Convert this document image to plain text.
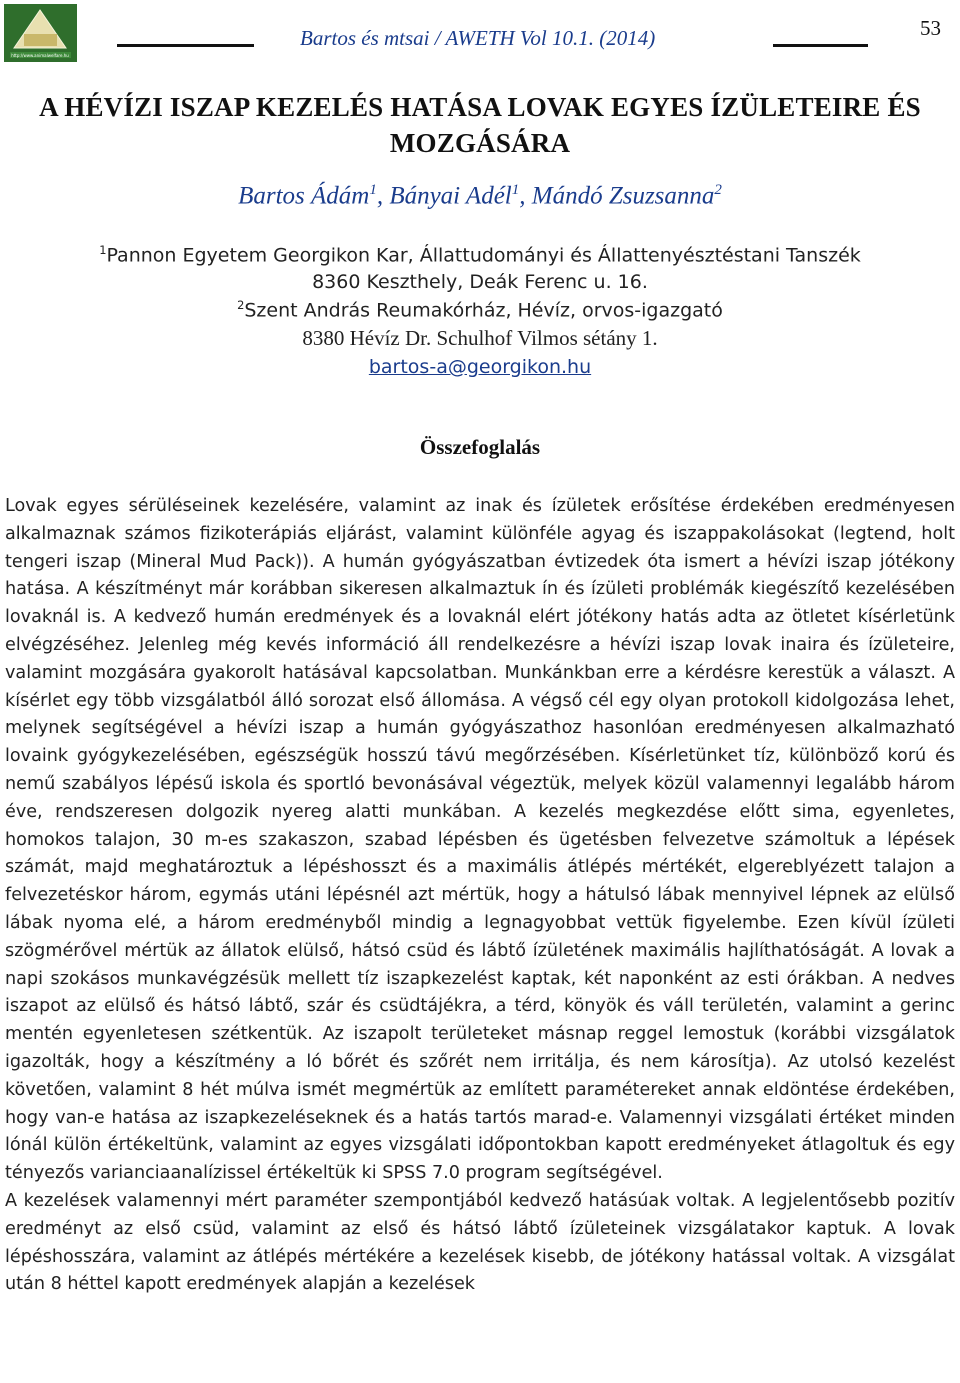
http://www.animalwelfare.hu
Bartos és mtsai / AWETH Vol 10.1. (2014)	53
A HÉVÍZI ISZAP KEZELÉS HATÁSA LOVAK EGYES ÍZÜLETEIRE ÉS MOZGÁSÁRA
Bartos Ádám$^1$, Bányai Adél$^1$, Mándó Zsuzsanna$^2$
$^1$Pannon Egyetem Georgikon Kar, Állattudományi és Állattenyésztéstani Tanszék
8360 Keszthely, Deák Ferenc u. 16.
$^2$Szent András Reumakórház, Hévíz, orvos-igazgató
8380 Hévíz Dr. Schulhof Vilmos sétány 1.
bartos-a@georgikon.hu
Összefoglalás

Lovak egyes sérüléseinek kezelésére, valamint az inak és ízületek erősítése érdekében eredményesen alkalmaznak számos fizikoterápiás eljárást, valamint különféle agyag és iszappakolásokat (legtend, holt tengeri iszap (Mineral Mud Pack)). A humán gyógyászatban évtizedek óta ismert a hévízi iszap jótékony hatása. A készítményt már korábban sikeresen alkalmaztuk ín és ízületi problémák kiegészítő kezelésében lovaknál is. A kedvező humán eredmények és a lovaknál elért jótékony hatás adta az ötletet kísérletünk elvégzéséhez. Jelenleg még kevés információ áll rendelkezésre a hévízi iszap lovak inaira és ízületeire, valamint mozgására gyakorolt hatásával kapcsolatban. Munkánkban erre a kérdésre kerestük a választ. A kísérlet egy több vizsgálatból álló sorozat első állomása. A végső cél egy olyan protokoll kidolgozása lehet, melynek segítségével a hévízi iszap a humán gyógyászathoz hasonlóan eredményesen alkalmazható lovaink gyógykezelésében, egészségük hosszú távú megőrzésében. Kísérletünket tíz, különböző korú és nemű szabályos lépésű iskola és sportló bevonásával végeztük, melyek közül valamennyi legalább három éve, rendszeresen dolgozik nyereg alatti munkában. A kezelés megkezdése előtt sima, egyenletes, homokos talajon, 30 m-es szakaszon, szabad lépésben és ügetésben felvezetve számoltuk a lépések számát, majd meghatároztuk a lépéshosszt és a maximális átlépés mértékét, elgereblyézett talajon a felvezetéskor három, egymás utáni lépésnél azt mértük, hogy a hátulsó lábak mennyivel lépnek az elülső lábak nyoma elé, a három eredményből mindig a legnagyobbat vettük figyelembe. Ezen kívül ízületi szögmérővel mértük az állatok elülső, hátsó csüd és lábtő ízületének maximális hajlíthatóságát. A lovak a napi szokásos munkavégzésük mellett tíz iszapkezelést kaptak, két naponként az esti órákban. A nedves iszapot az elülső és hátsó lábtő, szár és csüdtájékra, a térd, könyök és váll területén, valamint a gerinc mentén egyenletesen szétkentük. Az iszapolt területeket másnap reggel lemostuk (korábbi vizsgálatok igazolták, hogy a készítmény a ló bőrét és szőrét nem irritálja, és nem károsítja). Az utolsó kezelést követően, valamint 8 hét múlva ismét megmértük az említett paramétereket annak eldöntése érdekében, hogy van-e hatása az iszapkezeléseknek és a hatás tartós marad-e. Valamennyi vizsgálati értéket minden lónál külön értékeltünk, valamint az egyes vizsgálati időpontokban kapott eredményeket átlagoltuk és egy tényezős varianciaanalízissel értékeltük ki SPSS 7.0 program segítségével.

A kezelések valamennyi mért paraméter szempontjából kedvező hatásúak voltak. A legjelentősebb pozitív eredményt az első csüd, valamint az első és hátsó lábtő ízületeinek vizsgálatakor kaptuk. A lovak lépéshosszára, valamint az átlépés mértékére a kezelések kisebb, de jótékony hatással voltak. A vizsgálat után 8 héttel kapott eredmények alapján a kezelések
